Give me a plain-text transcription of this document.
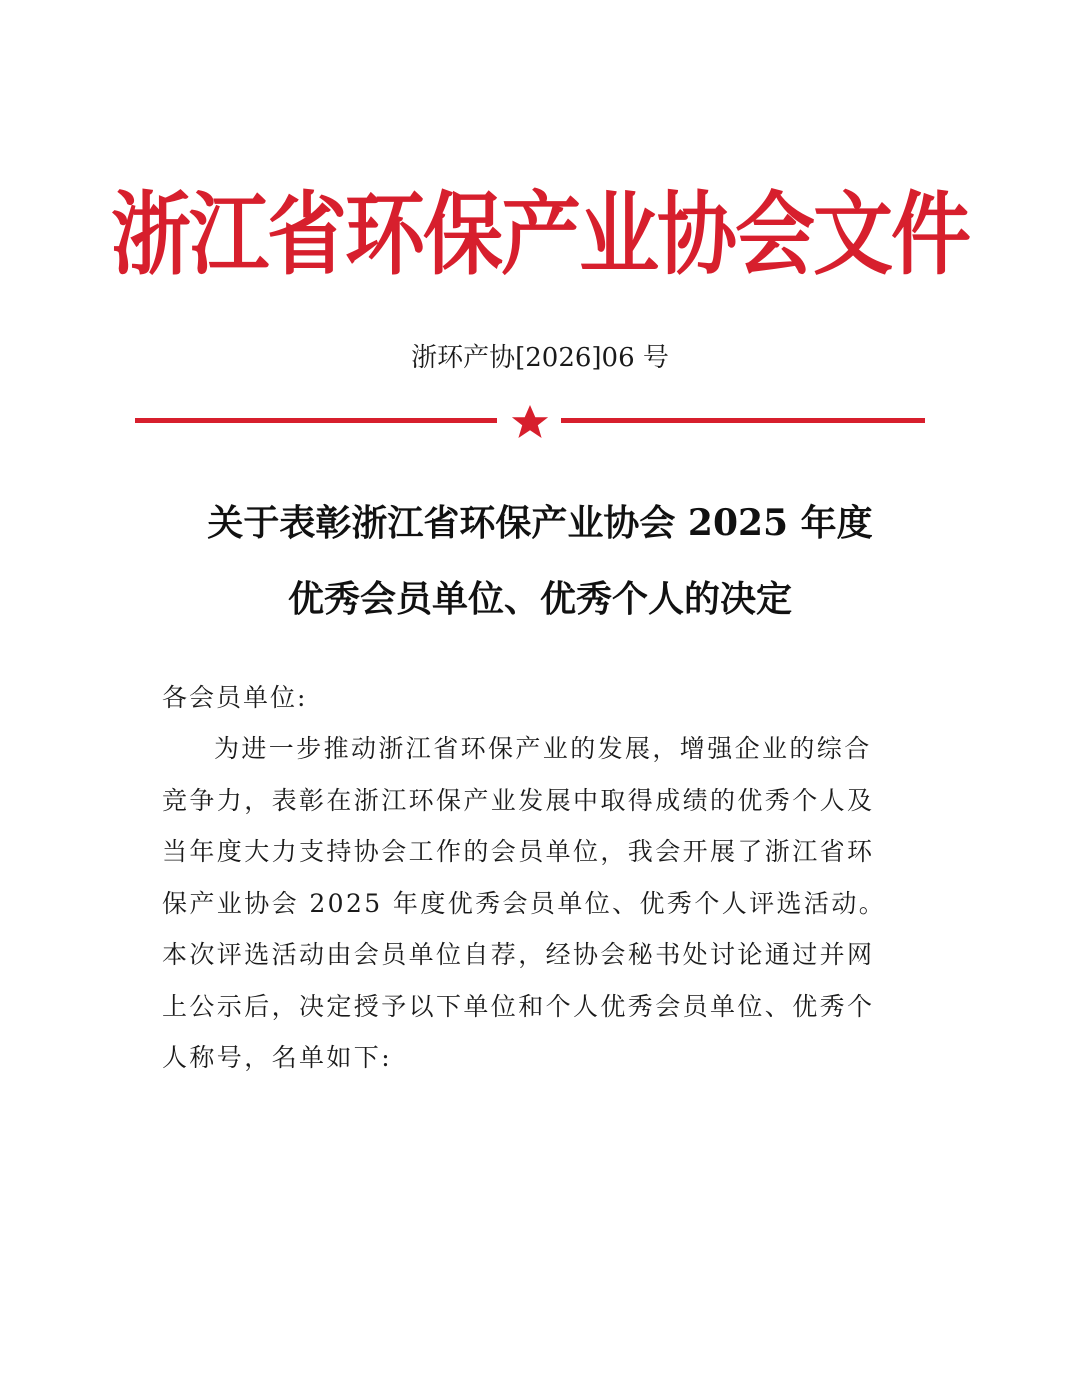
浙江省环保产业协会文件
浙环产协[2026]06 号
关于表彰浙江省环保产业协会 2025 年度
优秀会员单位、优秀个人的决定
各会员单位:
为进一步推动浙江省环保产业的发展，增强企业的综合
竞争力，表彰在浙江环保产业发展中取得成绩的优秀个人及
当年度大力支持协会工作的会员单位，我会开展了浙江省环
保产业协会 2025 年度优秀会员单位、优秀个人评选活动。
本次评选活动由会员单位自荐，经协会秘书处讨论通过并网
上公示后，决定授予以下单位和个人优秀会员单位、优秀个
人称号，名单如下:
